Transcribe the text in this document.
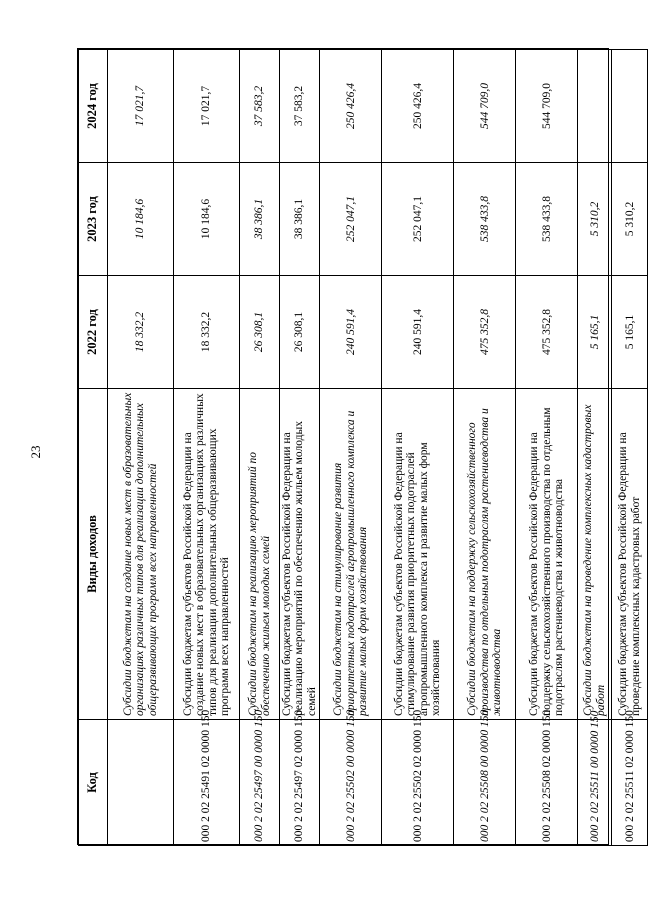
23
Код	Виды доходов	2022 год	2023 год	2024 год
	Субсидии бюджетам на создание новых мест в образовательных организациях различных типов для реализации дополнительных общеразвивающих программ всех направленностей	18 332,2	10 184,6	17 021,7
000 2 02 25491 02 0000 150	Субсидии бюджетам субъектов Российской Федерации на создание новых мест в образовательных организациях различных типов для реализации дополнительных общеразвивающих программ всех направленностей	18 332,2	10 184,6	17 021,7
000 2 02 25497 00 0000 150	Субсидии бюджетам на реализацию мероприятий по обеспечению жильем молодых семей	26 308,1	38 386,1	37 583,2
000 2 02 25497 02 0000 150	Субсидии бюджетам субъектов Российской Федерации на реализацию мероприятий по обеспечению жильем молодых семей	26 308,1	38 386,1	37 583,2
000 2 02 25502 00 0000 150	Субсидии бюджетам на стимулирование развития приоритетных подотраслей агропромышленного комплекса и развитие малых форм хозяйствования	240 591,4	252 047,1	250 426,4
000 2 02 25502 02 0000 150	Субсидии бюджетам субъектов Российской Федерации на стимулирование развития приоритетных подотраслей агропромышленного комплекса и развитие малых форм хозяйствования	240 591,4	252 047,1	250 426,4
000 2 02 25508 00 0000 150	Субсидии бюджетам на поддержку сельскохозяйственного производства по отдельным подотраслям растениеводства и животноводства	475 352,8	538 433,8	544 709,0
000 2 02 25508 02 0000 150	Субсидии бюджетам субъектов Российской Федерации на поддержку сельскохозяйственного производства по отдельным подотраслям растениеводства и животноводства	475 352,8	538 433,8	544 709,0
000 2 02 25511 00 0000 150	Субсидии бюджетам на проведение комплексных кадастровых работ	5 165,1	5 310,2	
000 2 02 25511 02 0000 150	Субсидии бюджетам субъектов Российской Федерации на проведение комплексных кадастровых работ	5 165,1	5 310,2	
